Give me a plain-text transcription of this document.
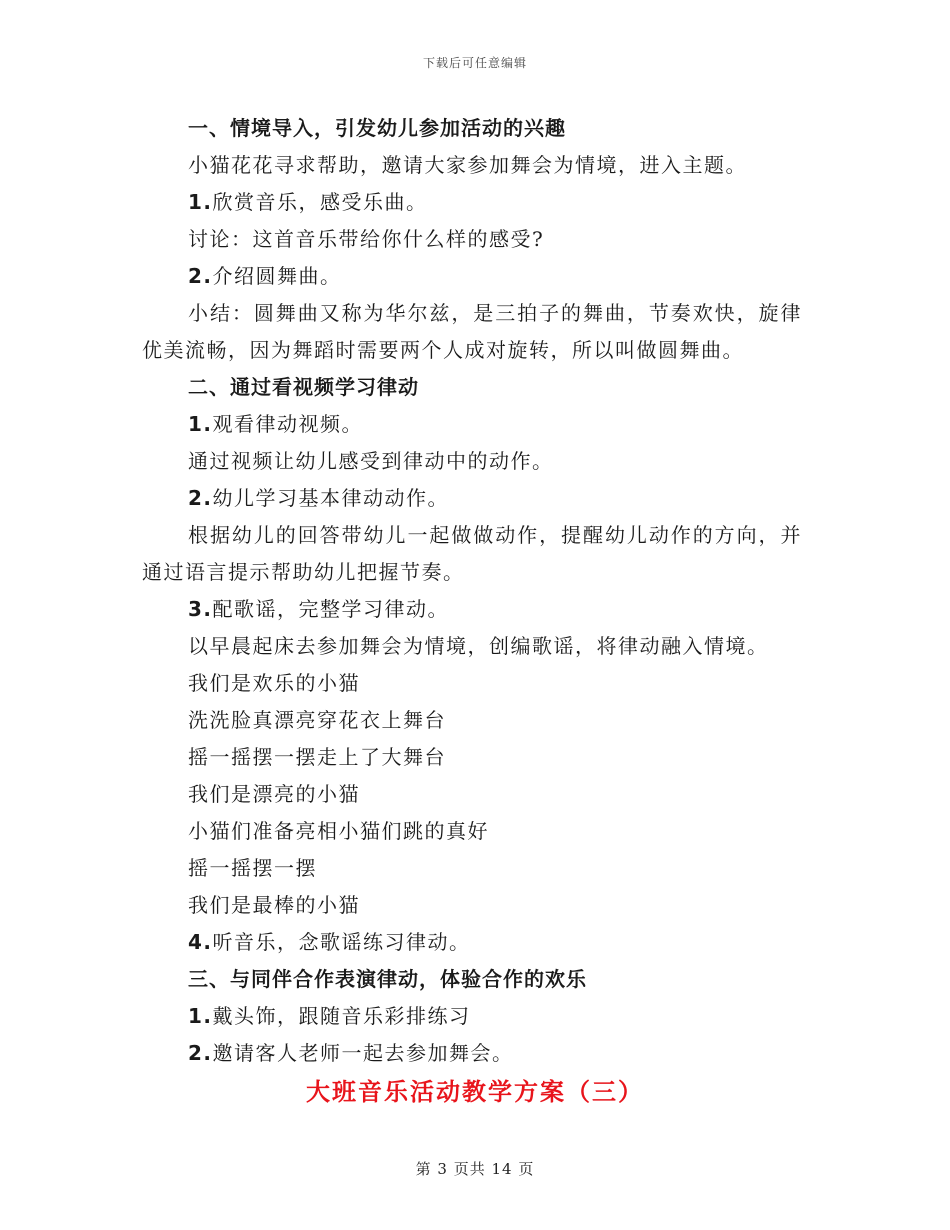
下载后可任意编辑
一、情境导入，引发幼儿参加活动的兴趣
小猫花花寻求帮助，邀请大家参加舞会为情境，进入主题。
1.欣赏音乐，感受乐曲。
讨论：这首音乐带给你什么样的感受?
2.介绍圆舞曲。
小结：圆舞曲又称为华尔兹，是三拍子的舞曲，节奏欢快，旋律优美流畅，因为舞蹈时需要两个人成对旋转，所以叫做圆舞曲。
二、通过看视频学习律动
1.观看律动视频。
通过视频让幼儿感受到律动中的动作。
2.幼儿学习基本律动动作。
根据幼儿的回答带幼儿一起做做动作，提醒幼儿动作的方向，并通过语言提示帮助幼儿把握节奏。
3.配歌谣，完整学习律动。
以早晨起床去参加舞会为情境，创编歌谣，将律动融入情境。
我们是欢乐的小猫
洗洗脸真漂亮穿花衣上舞台
摇一摇摆一摆走上了大舞台
我们是漂亮的小猫
小猫们准备亮相小猫们跳的真好
摇一摇摆一摆
我们是最棒的小猫
4.听音乐，念歌谣练习律动。
三、与同伴合作表演律动，体验合作的欢乐
1.戴头饰，跟随音乐彩排练习
2.邀请客人老师一起去参加舞会。
大班音乐活动教学方案（三）
第 3 页共 14 页
